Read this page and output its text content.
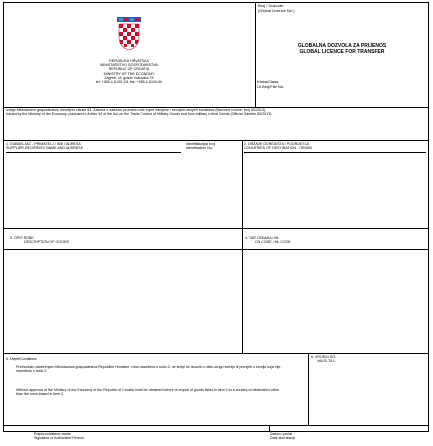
REPUBLIKA HRVATSKA
MINISTARSTVO GOSPODARSTVA
REPUBLIC OF CROATIA
MINISTRY OF THE ECONOMY
Zagreb, Ul. grada Vukovara 78
tel: +385-1-6109-111 fax: +385-1-6109-50
Broj / Dozvole:
(Global Licence No.)
GLOBALNA DOZVOLA ZA PRIJENOS
GLOBAL LICENCE FOR TRANSFER
Klasa/Class:
Ur.Broj/File No:
Izdaje Ministarstvo gospodarstva, temeljem članka 53. Zakona o nadzoru prometa robe vojne namjene i nevojnih ubojnih sredstava (Narodne novine, broj 80/2013).
Issued by the Ministry of the Economy, pursuant to Article 53 of the Act on the Trade Control of Military Goods and Non-military Lethal Goods (Official Gazette 80/2013).
1. DOBAVLJAČ - PRIMATELJ / IME I ADRESA
SUPPLIER-RECIPIENT/ NAME AND ADDRESS
Identifikacijski broj
Identification No.
2. DRŽAVE ODREDIŠTA / PODRIJETLA
COUNTRIES OF DESTINATION - ORIGIN
3. OPIS ROBE
DESCRIPTION OF GOODS
4. TAR OZNAKA / ML
CN CODE / ML CODE
5. Uvjeti/Conditions
Prethodnim odobrenjem Ministarstva gospodarstva Republike Hrvatske, roba navedena u točki 3. ne smije se izvoziti u neku drugu zemlju ili prenijeti u zemlju koja nije navedena u točki 2.
Without approval of the Ministry of the Economy of the Republic of Croatia must be obtained before re-export of goods listed in item 3 to a country of destination other than the ones stated in item 2.
6. VRIJEDI DO:
VALID TILL:
Potpis ovlaštene osobe
Signature of Authorised Person
Datum i pečat
Date and stamp
